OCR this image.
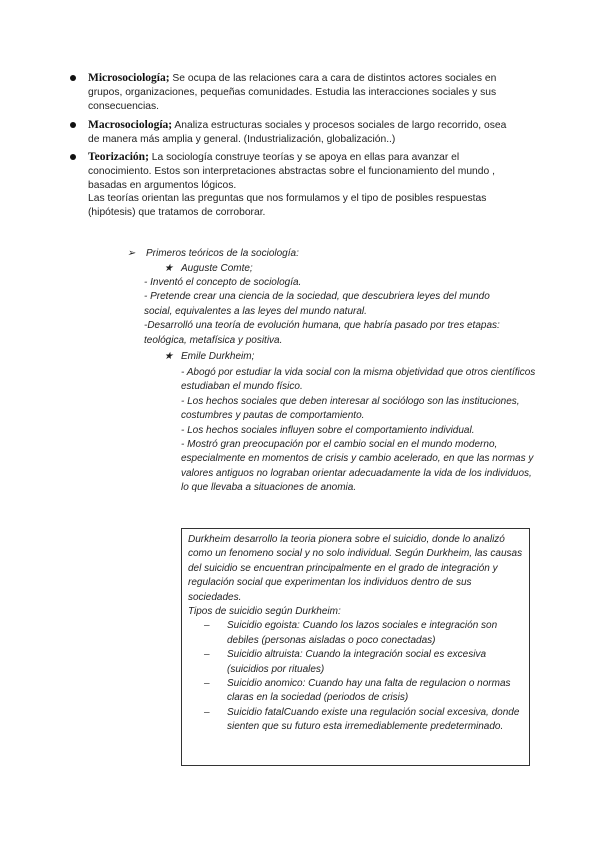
Microsociología; Se ocupa de las relaciones cara a cara de distintos actores sociales en grupos, organizaciones, pequeñas comunidades. Estudia las interacciones sociales y sus consecuencias.
Macrosociología; Analiza estructuras sociales y procesos sociales de largo recorrido, osea de manera más amplia y general. (Industrialización, globalización..)
Teorización; La sociología construye teorías y se apoya en ellas para avanzar el conocimiento. Estos son interpretaciones abstractas sobre el funcionamiento del mundo , basadas en argumentos lógicos.
Las teorías orientan las preguntas que nos formulamos y el tipo de posibles respuestas (hipótesis) que tratamos de corroborar.
➢ Primeros teóricos de la sociología:
★ Auguste Comte;

- Inventó el concepto de sociología.

- Pretende crear una ciencia de la sociedad, que descubriera leyes del mundo social, equivalentes a las leyes del mundo natural.

-Desarrolló una teoría de evolución humana, que habría pasado por tres etapas: teológica, metafísica y positiva.

★ Emile Durkheim;

- Abogó por estudiar la vida social con la misma objetividad que otros científicos estudiaban el mundo físico.

- Los hechos sociales que deben interesar al sociólogo son las instituciones, costumbres y pautas de comportamiento.

- Los hechos sociales influyen sobre el comportamiento individual.

- Mostró gran preocupación por el cambio social en el mundo moderno, especialmente en momentos de crisis y cambio acelerado, en que las normas y valores antiguos no lograban orientar adecuadamente la vida de los individuos, lo que llevaba a situaciones de anomia.

Durkheim desarrollo la teoria pionera sobre el suicidio, donde lo analizó como un fenomeno social y no solo individual. Según Durkheim, las causas del suicidio se encuentran principalmente en el grado de integración y regulación social que experimentan los individuos dentro de sus sociedades.

Tipos de suicidio según Durkheim:

– Suicidio egoista: Cuando los lazos sociales e integración son debiles (personas aisladas o poco conectadas)
– Suicidio altruista: Cuando la integración social es excesiva (suicidios por rituales)
– Suicidio anomico: Cuando hay una falta de regulacion o normas claras en la sociedad (periodos de crisis)
– Suicidio fatalCuando existe una regulación social excesiva, donde sienten que su futuro esta irremediablemente predeterminado.
